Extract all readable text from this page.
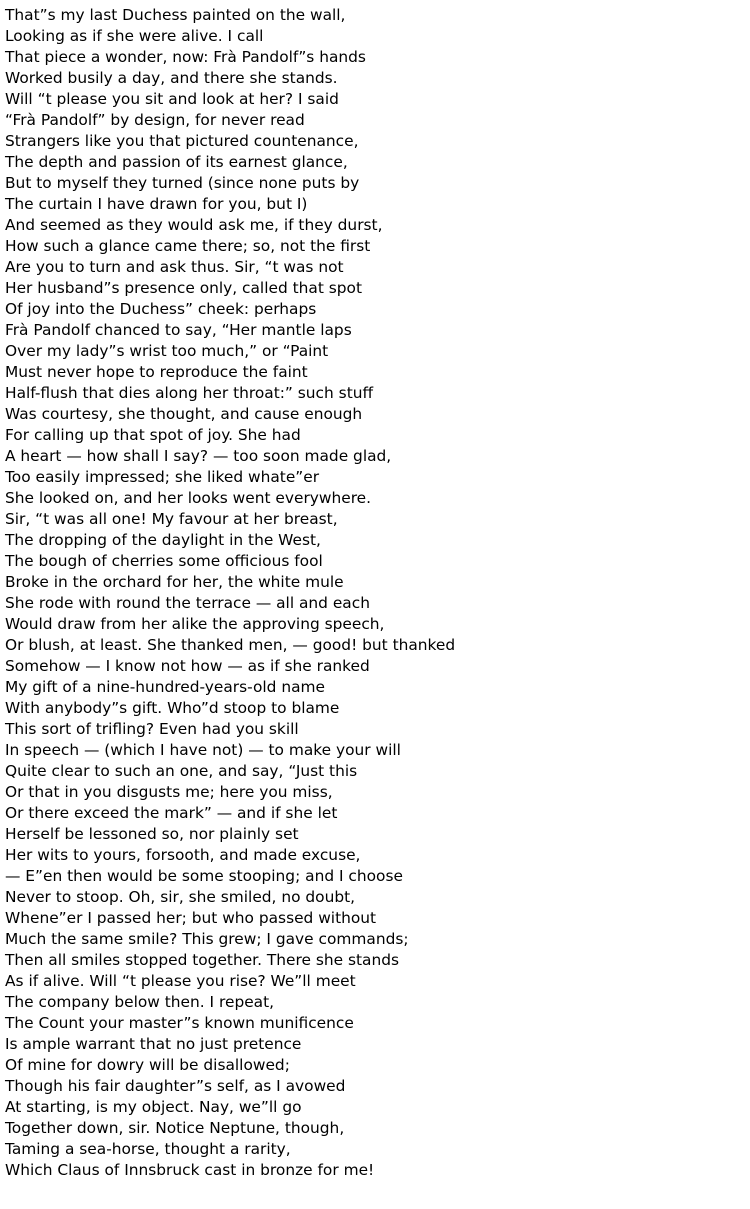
That”s my last Duchess painted on the wall,
Looking as if she were alive. I call
That piece a wonder, now: Frà Pandolf”s hands
Worked busily a day, and there she stands.
Will “t please you sit and look at her? I said
“Frà Pandolf” by design, for never read
Strangers like you that pictured countenance,
The depth and passion of its earnest glance,
But to myself they turned (since none puts by
The curtain I have drawn for you, but I)
And seemed as they would ask me, if they durst,
How such a glance came there; so, not the first
Are you to turn and ask thus. Sir, “t was not
Her husband”s presence only, called that spot
Of joy into the Duchess” cheek: perhaps
Frà Pandolf chanced to say, “Her mantle laps
Over my lady”s wrist too much,” or “Paint
Must never hope to reproduce the faint
Half-flush that dies along her throat:” such stuff
Was courtesy, she thought, and cause enough
For calling up that spot of joy. She had
A heart — how shall I say? — too soon made glad,
Too easily impressed; she liked whate”er
She looked on, and her looks went everywhere.
Sir, “t was all one! My favour at her breast,
The dropping of the daylight in the West,
The bough of cherries some officious fool
Broke in the orchard for her, the white mule
She rode with round the terrace — all and each
Would draw from her alike the approving speech,
Or blush, at least. She thanked men, — good! but thanked
Somehow — I know not how — as if she ranked
My gift of a nine-hundred-years-old name
With anybody”s gift. Who”d stoop to blame
This sort of trifling? Even had you skill
In speech — (which I have not) — to make your will
Quite clear to such an one, and say, “Just this
Or that in you disgusts me; here you miss,
Or there exceed the mark” — and if she let
Herself be lessoned so, nor plainly set
Her wits to yours, forsooth, and made excuse,
— E”en then would be some stooping; and I choose
Never to stoop. Oh, sir, she smiled, no doubt,
Whene”er I passed her; but who passed without
Much the same smile? This grew; I gave commands;
Then all smiles stopped together. There she stands
As if alive. Will “t please you rise? We”ll meet
The company below then. I repeat,
The Count your master”s known munificence
Is ample warrant that no just pretence
Of mine for dowry will be disallowed;
Though his fair daughter”s self, as I avowed
At starting, is my object. Nay, we”ll go
Together down, sir. Notice Neptune, though,
Taming a sea-horse, thought a rarity,
Which Claus of Innsbruck cast in bronze for me!
